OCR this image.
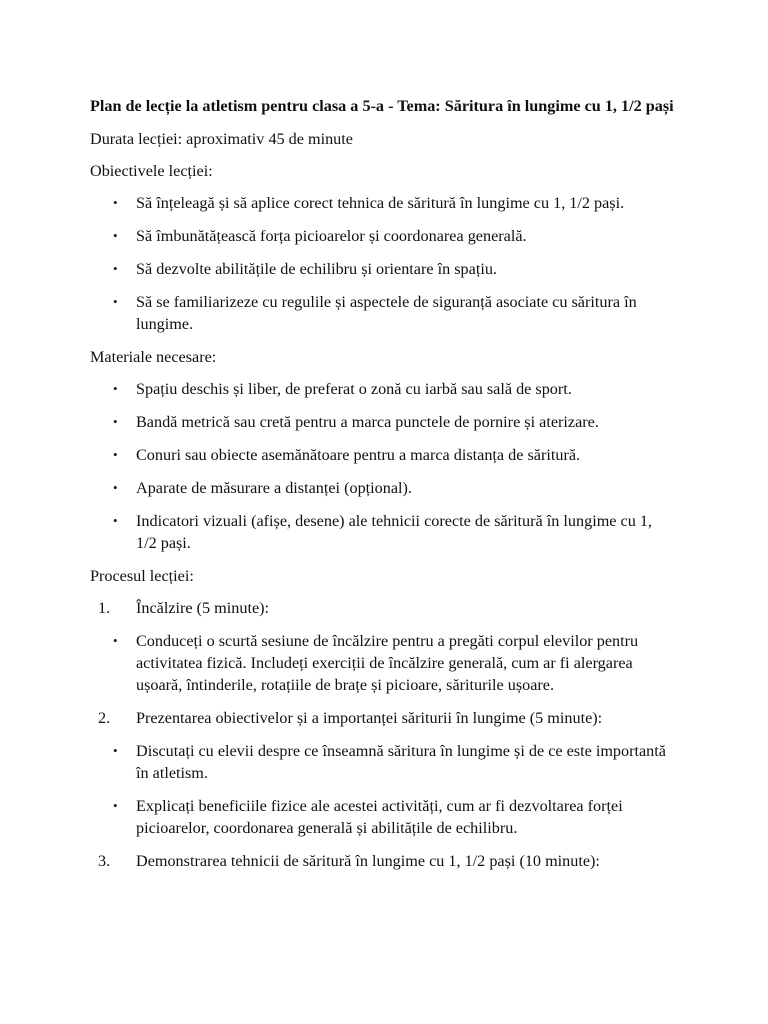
Plan de lecție la atletism pentru clasa a 5-a - Tema: Săritura în lungime cu 1, 1/2 pași
Durata lecției: aproximativ 45 de minute
Obiectivele lecției:
• Să înțeleagă și să aplice corect tehnica de săritură în lungime cu 1, 1/2 pași.
• Să îmbunătățească forța picioarelor și coordonarea generală.
• Să dezvolte abilitățile de echilibru și orientare în spațiu.
• Să se familiarizeze cu regulile și aspectele de siguranță asociate cu săritura în lungime.
Materiale necesare:
• Spațiu deschis și liber, de preferat o zonă cu iarbă sau sală de sport.
• Bandă metrică sau cretă pentru a marca punctele de pornire și aterizare.
• Conuri sau obiecte asemănătoare pentru a marca distanța de săritură.
• Aparate de măsurare a distanței (opțional).
• Indicatori vizuali (afișe, desene) ale tehnicii corecte de săritură în lungime cu 1, 1/2 pași.
Procesul lecției:
1. Încălzire (5 minute):
• Conduceți o scurtă sesiune de încălzire pentru a pregăti corpul elevilor pentru activitatea fizică. Includeți exerciții de încălzire generală, cum ar fi alergarea ușoară, întinderile, rotațiile de brațe și picioare, săriturile ușoare.
2. Prezentarea obiectivelor și a importanței săriturii în lungime (5 minute):
• Discutați cu elevii despre ce înseamnă săritura în lungime și de ce este importantă în atletism.
• Explicați beneficiile fizice ale acestei activități, cum ar fi dezvoltarea forței picioarelor, coordonarea generală și abilitățile de echilibru.
3. Demonstrarea tehnicii de săritură în lungime cu 1, 1/2 pași (10 minute):
